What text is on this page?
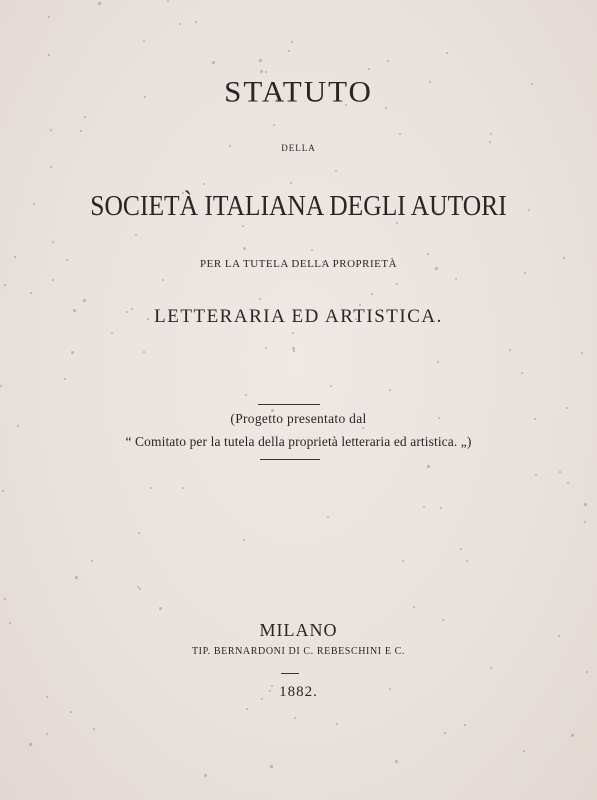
STATUTO
DELLA
SOCIETÀ ITALIANA DEGLI AUTORI
PER LA TUTELA DELLA PROPRIETÀ
LETTERARIA ED ARTISTICA.
(Progetto presentato dal
“ Comitato per la tutela della proprietà letteraria ed artistica. „)
MILANO
TIP. BERNARDONI DI C. REBESCHINI E C.
1882.
